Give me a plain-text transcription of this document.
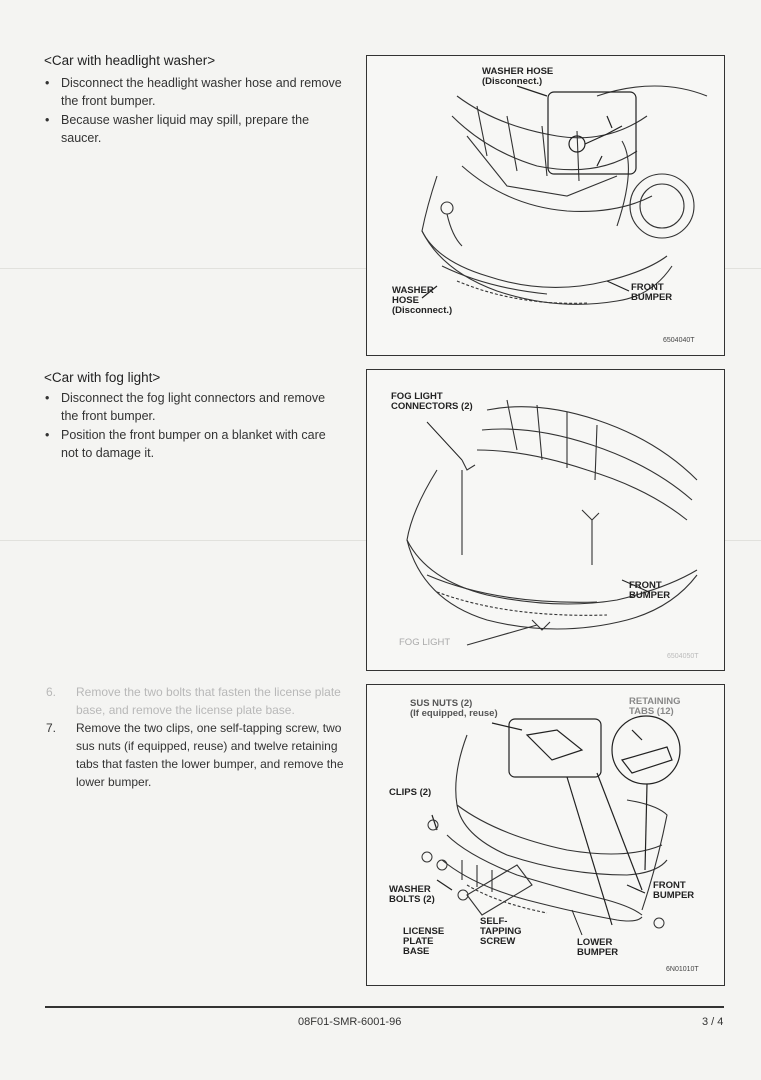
<Car with headlight washer>
• Disconnect the headlight washer hose and remove the front bumper.
• Because washer liquid may spill, prepare the saucer.
WASHER HOSE
(Disconnect.)
WASHER
HOSE
(Disconnect.)
FRONT
BUMPER
6504040T
<Car with fog light>
• Disconnect the fog light connectors and remove the front bumper.
• Position the front bumper on a blanket with care not to damage it.
FOG LIGHT
CONNECTORS (2)
FRONT
BUMPER
FOG LIGHT
6504050T
6. Remove the two bolts that fasten the license plate base, and remove the license plate base.
7. Remove the two clips, one self-tapping screw, two sus nuts (if equipped, reuse) and twelve retaining tabs that fasten the lower bumper, and remove the lower bumper.
SUS NUTS (2)
(If equipped, reuse)
RETAINING
TABS (12)
CLIPS (2)
WASHER
BOLTS (2)
FRONT
BUMPER
SELF-
TAPPING
SCREW
LICENSE
PLATE
BASE
LOWER
BUMPER
6N01010T
08F01-SMR-6001-96	3 / 4
